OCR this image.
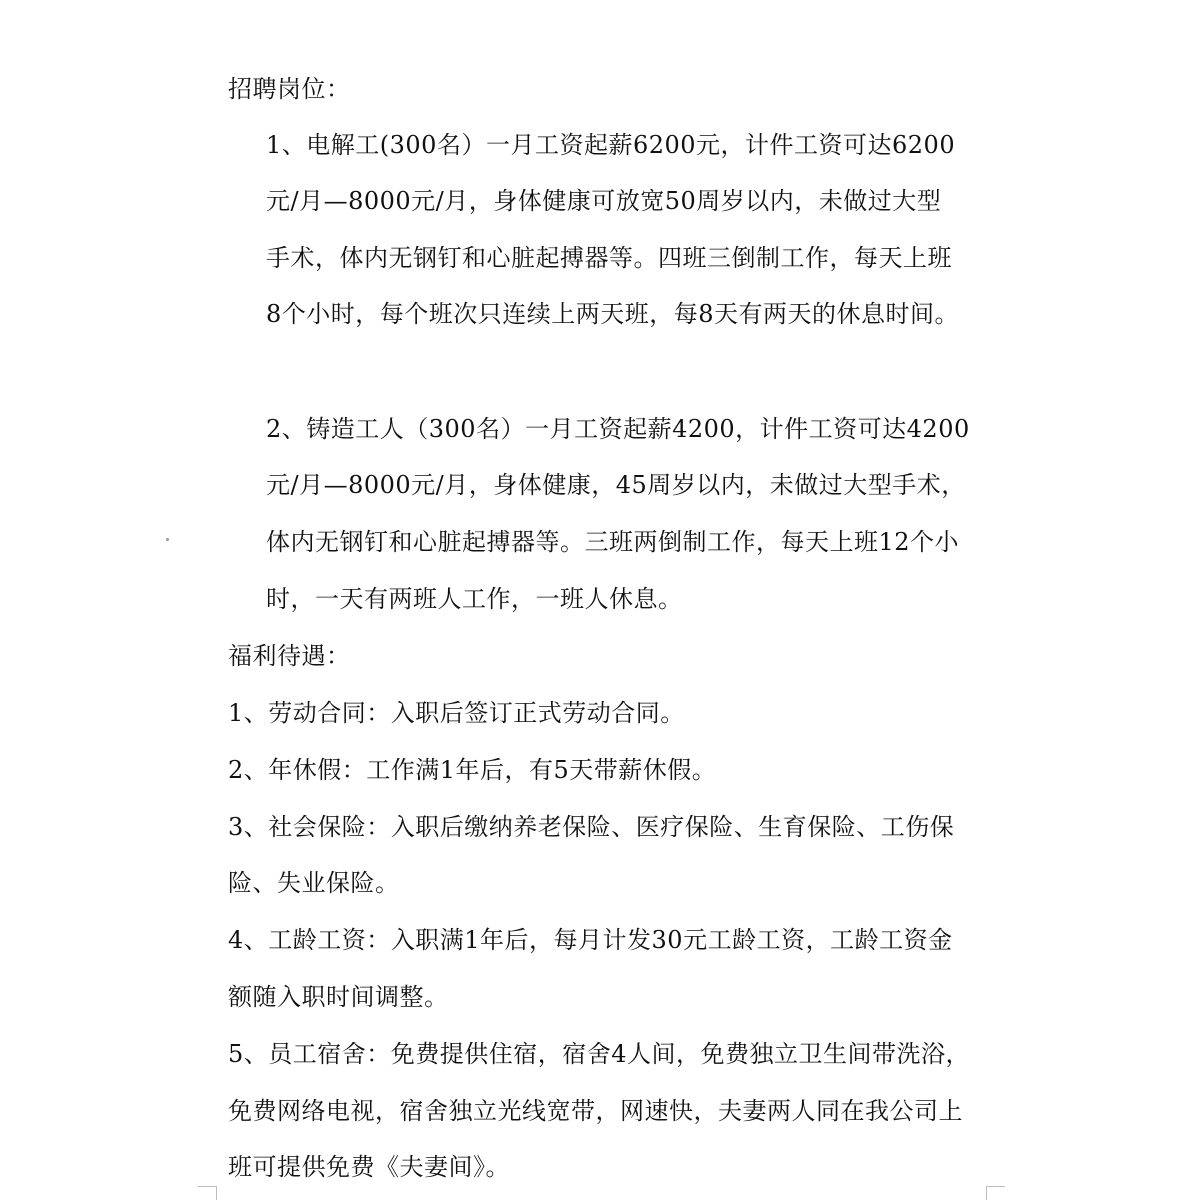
招聘岗位：
1、电解工(300名）一月工资起薪6200元，计件工资可达6200
元/月—8000元/月，身体健康可放宽50周岁以内，未做过大型
手术，体内无钢钉和心脏起搏器等。四班三倒制工作，每天上班
8个小时，每个班次只连续上两天班，每8天有两天的休息时间。
2、铸造工人（300名）一月工资起薪4200，计件工资可达4200
元/月—8000元/月，身体健康，45周岁以内，未做过大型手术，
体内无钢钉和心脏起搏器等。三班两倒制工作，每天上班12个小
时，一天有两班人工作，一班人休息。
福利待遇：
1、劳动合同：入职后签订正式劳动合同。
2、年休假：工作满1年后，有5天带薪休假。
3、社会保险：入职后缴纳养老保险、医疗保险、生育保险、工伤保
险、失业保险。
4、工龄工资：入职满1年后，每月计发30元工龄工资，工龄工资金
额随入职时间调整。
5、员工宿舍：免费提供住宿，宿舍4人间，免费独立卫生间带洗浴，
免费网络电视，宿舍独立光线宽带，网速快，夫妻两人同在我公司上
班可提供免费《夫妻间》。
